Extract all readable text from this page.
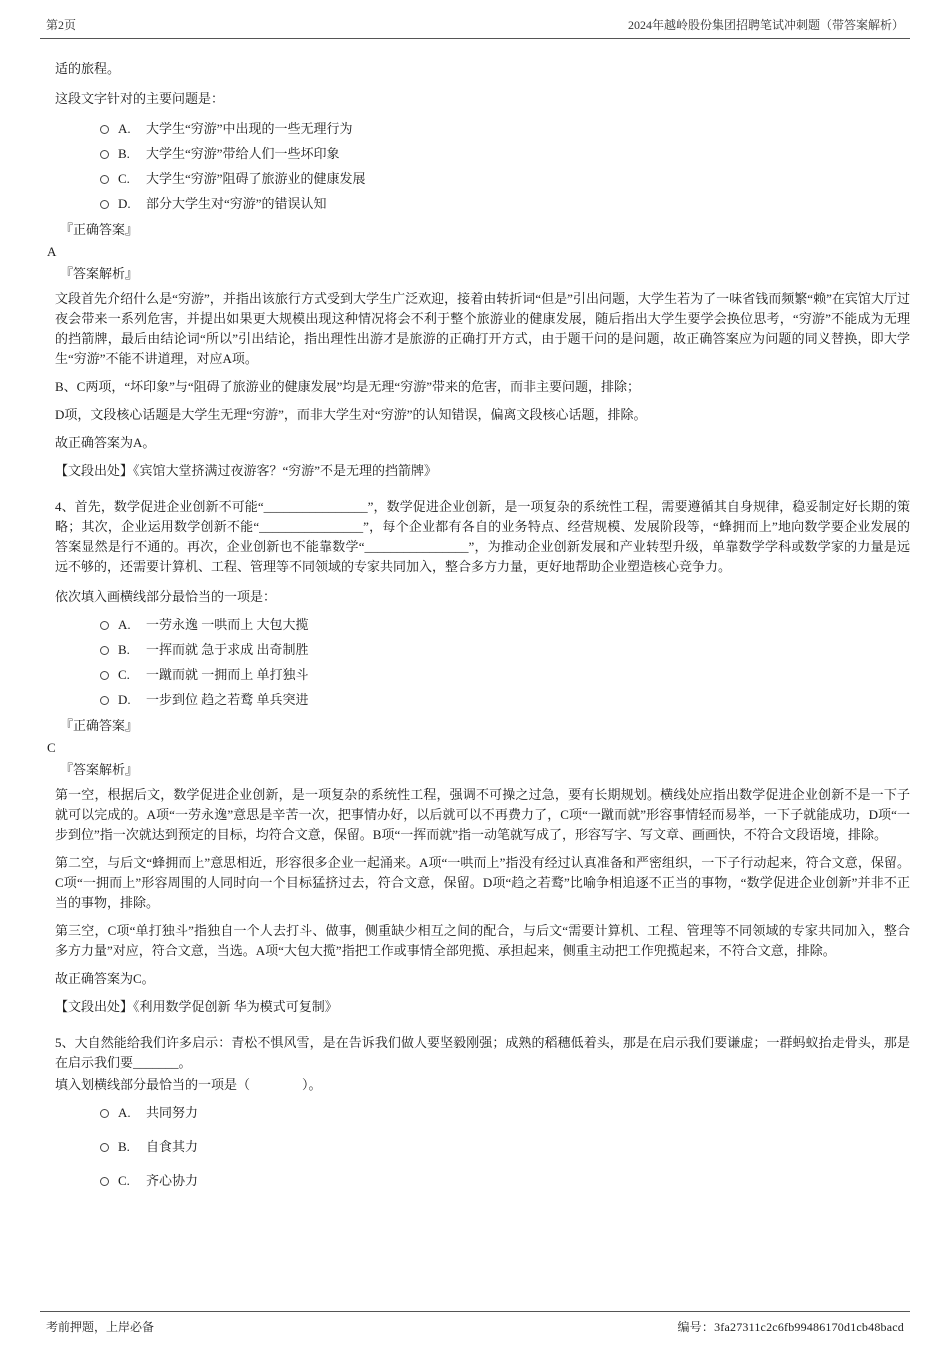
第2页	2024年越岭股份集团招聘笔试冲刺题（带答案解析）
适的旅程。
这段文字针对的主要问题是：
A.	大学生“穷游”中出现的一些无理行为
B.	大学生“穷游”带给人们一些坏印象
C.	大学生“穷游”阻碍了旅游业的健康发展
D.	部分大学生对“穷游”的错误认知
『正确答案』
A
『答案解析』
文段首先介绍什么是“穷游”，并指出该旅行方式受到大学生广泛欢迎，接着由转折词“但是”引出问题，大学生若为了一味省钱而频繁“赖”在宾馆大厅过夜会带来一系列危害，并提出如果更大规模出现这种情况将会不利于整个旅游业的健康发展，随后指出大学生要学会换位思考，“穷游”不能成为无理的挡箭牌，最后由结论词“所以”引出结论，指出理性出游才是旅游的正确打开方式，由于题干问的是问题，故正确答案应为问题的同义替换，即大学生“穷游”不能不讲道理，对应A项。
B、C两项，“坏印象”与“阻碍了旅游业的健康发展”均是无理“穷游”带来的危害，而非主要问题，排除；
D项，文段核心话题是大学生无理“穷游”，而非大学生对“穷游”的认知错误，偏离文段核心话题，排除。
故正确答案为A。
【文段出处】《宾馆大堂挤满过夜游客？“穷游”不是无理的挡箭牌》
4、首先，数学促进企业创新不可能“________________”，数学促进企业创新，是一项复杂的系统性工程，需要遵循其自身规律，稳妥制定好长期的策略；其次，企业运用数学创新不能“________________”，每个企业都有各自的业务特点、经营规模、发展阶段等，“蜂拥而上”地向数学要企业发展的答案显然是行不通的。再次，企业创新也不能靠数学“________________”，为推动企业创新发展和产业转型升级，单靠数学学科或数学家的力量是远远不够的，还需要计算机、工程、管理等不同领域的专家共同加入，整合多方力量，更好地帮助企业塑造核心竞争力。
依次填入画横线部分最恰当的一项是：
A.	一劳永逸 一哄而上 大包大揽
B.	一挥而就 急于求成 出奇制胜
C.	一蹴而就 一拥而上 单打独斗
D.	一步到位 趋之若鹜 单兵突进
『正确答案』
C
『答案解析』
第一空，根据后文，数学促进企业创新，是一项复杂的系统性工程，强调不可操之过急，要有长期规划。横线处应指出数学促进企业创新不是一下子就可以完成的。A项“一劳永逸”意思是辛苦一次，把事情办好，以后就可以不再费力了，C项“一蹴而就”形容事情轻而易举，一下子就能成功，D项“一步到位”指一次就达到预定的目标，均符合文意，保留。B项“一挥而就”指一动笔就写成了，形容写字、写文章、画画快，不符合文段语境，排除。
第二空，与后文“蜂拥而上”意思相近，形容很多企业一起涌来。A项“一哄而上”指没有经过认真准备和严密组织，一下子行动起来，符合文意，保留。C项“一拥而上”形容周围的人同时向一个目标猛挤过去，符合文意，保留。D项“趋之若鹜”比喻争相追逐不正当的事物，“数学促进企业创新”并非不正当的事物，排除。
第三空，C项“单打独斗”指独自一个人去打斗、做事，侧重缺少相互之间的配合，与后文“需要计算机、工程、管理等不同领域的专家共同加入，整合多方力量”对应，符合文意，当选。A项“大包大揽”指把工作或事情全部兜揽、承担起来，侧重主动把工作兜揽起来，不符合文意，排除。
故正确答案为C。
【文段出处】《利用数学促创新 华为模式可复制》
5、大自然能给我们许多启示：青松不惧风雪，是在告诉我们做人要坚毅刚强；成熟的稻穗低着头，那是在启示我们要谦虚；一群蚂蚁抬走骨头，那是在启示我们要_______。
填入划横线部分最恰当的一项是（　　　　）。
A.	共同努力
B.	自食其力
C.	齐心协力
考前押题，上岸必备	编号：3fa27311c2c6fb99486170d1cb48bacd
